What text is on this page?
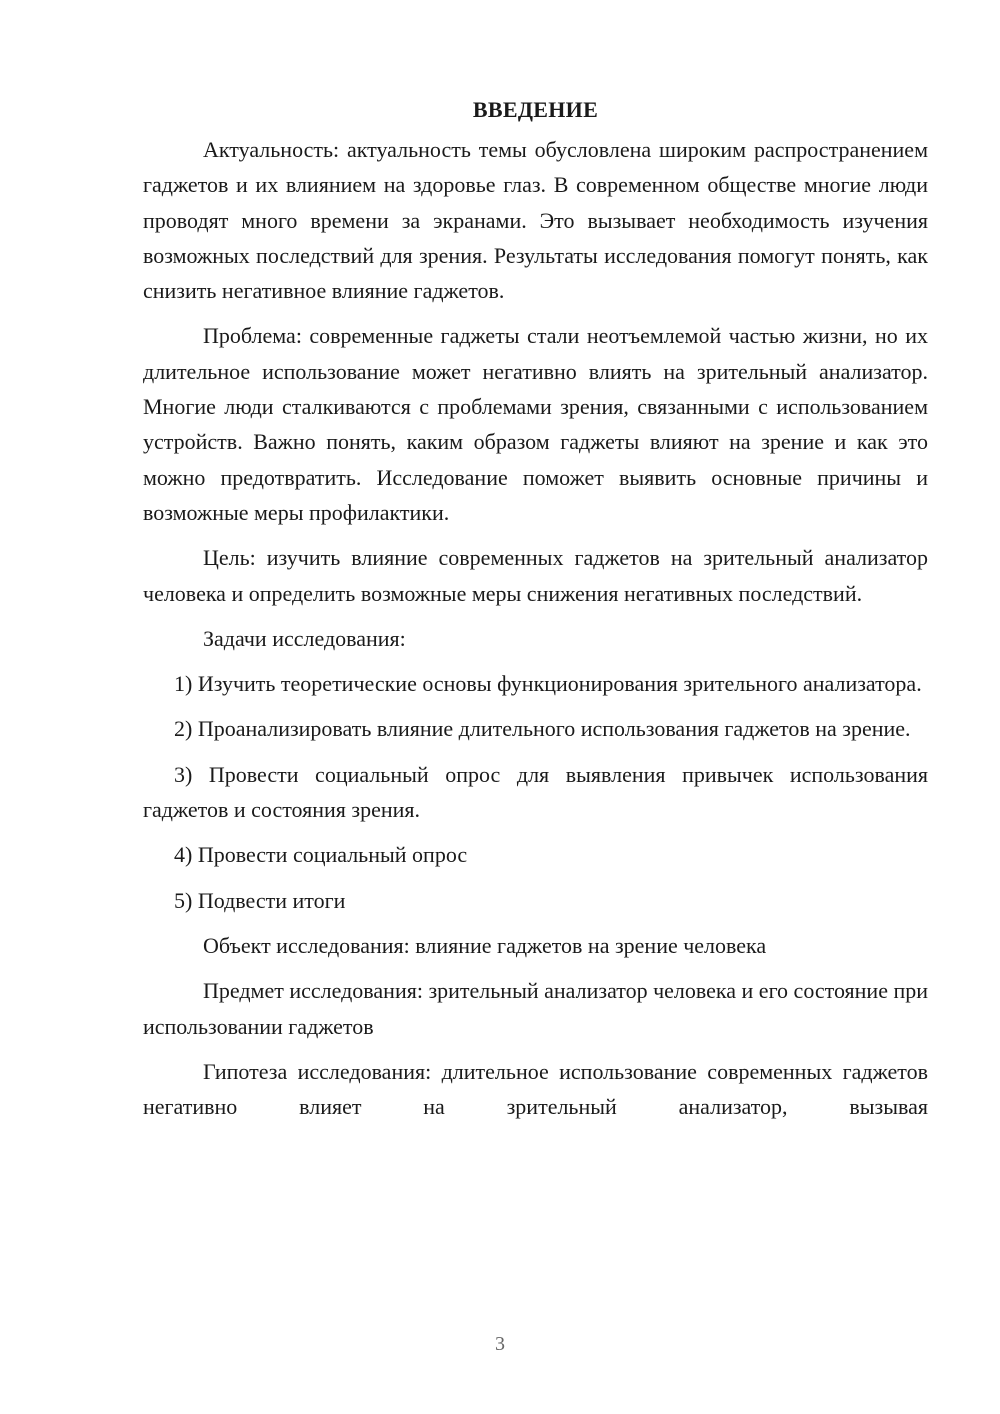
ВВЕДЕНИЕ

Актуальность: актуальность темы обусловлена широким распространением гаджетов и их влиянием на здоровье глаз. В современном обществе многие люди проводят много времени за экранами. Это вызывает необходимость изучения возможных последствий для зрения. Результаты исследования помогут понять, как снизить негативное влияние гаджетов.

Проблема: современные гаджеты стали неотъемлемой частью жизни, но их длительное использование может негативно влиять на зрительный анализатор. Многие люди сталкиваются с проблемами зрения, связанными с использованием устройств. Важно понять, каким образом гаджеты влияют на зрение и как это можно предотвратить. Исследование поможет выявить основные причины и возможные меры профилактики.

Цель: изучить влияние современных гаджетов на зрительный анализатор человека и определить возможные меры снижения негативных последствий.

Задачи исследования:

1) Изучить теоретические основы функционирования зрительного анализатора.

2) Проанализировать влияние длительного использования гаджетов на зрение.

3) Провести социальный опрос для выявления привычек использования гаджетов и состояния зрения.

4) Провести социальный опрос

5) Подвести итоги

Объект исследования: влияние гаджетов на зрение человека

Предмет исследования: зрительный анализатор человека и его состояние при использовании гаджетов

Гипотеза исследования: длительное использование современных гаджетов негативно влияет на зрительный анализатор, вызывая

3
